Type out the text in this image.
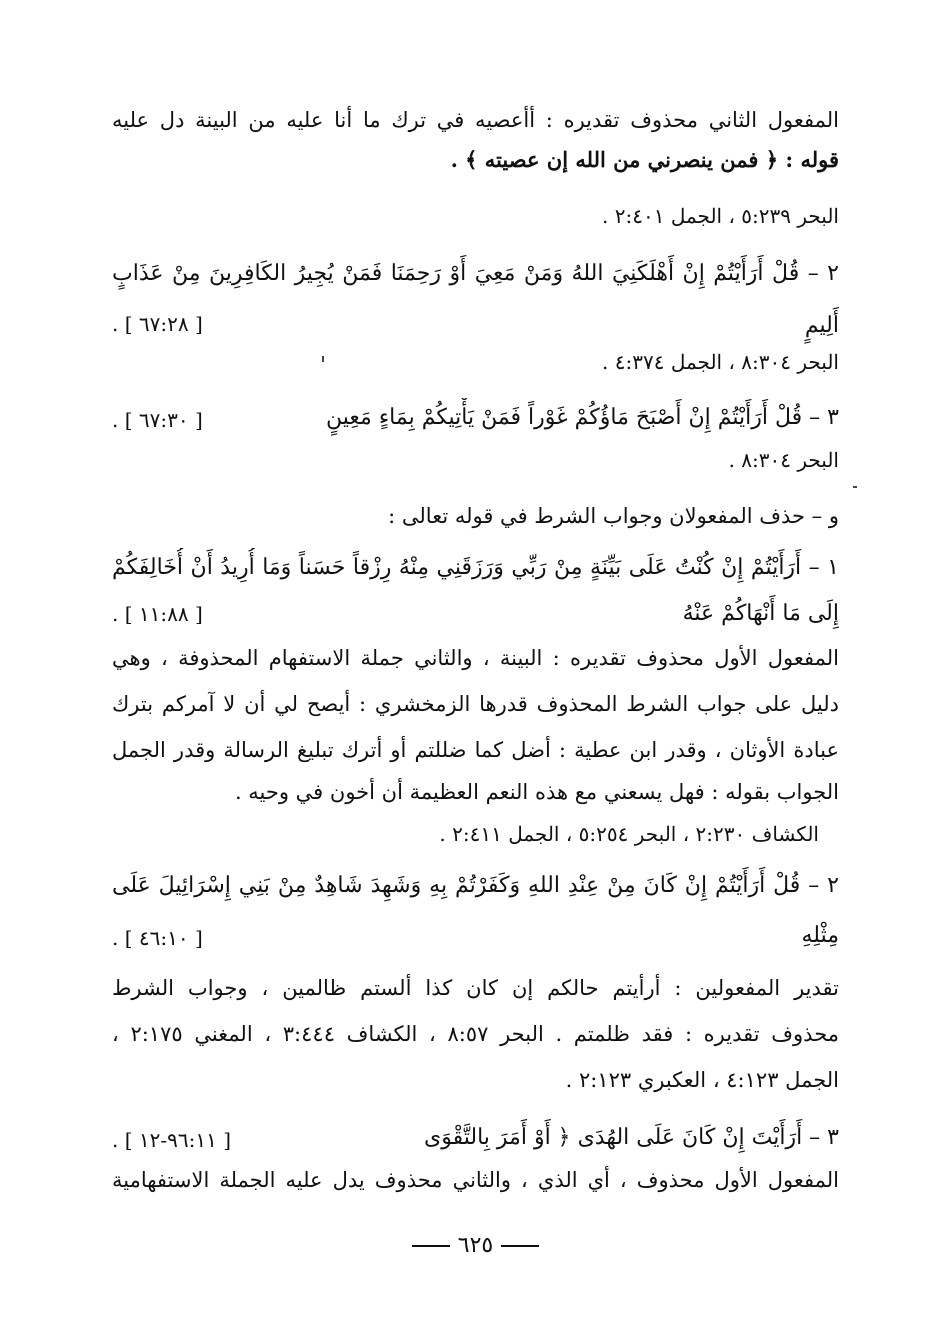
المفعول الثاني محذوف تقديره : أأعصيه في ترك ما أنا عليه من البينة دل عليه
قوله : ﴿ فمن ينصرني من الله إن عصيته ﴾ .
البحر ٥:٢٣٩ ، الجمل ٢:٤٠١ .
٢ – قُلْ أَرَأَيْتُمْ إِنْ أَهْلَكَنِيَ اللهُ وَمَنْ مَعِيَ أَوْ رَحِمَنَا فَمَنْ يُجِيرُ الكَافِرِينَ مِنْ عَذَابٍ
أَلِيمٍ
[ ٦٧:٢٨ ] .
البحر ٨:٣٠٤ ، الجمل ٤:٣٧٤ .
٣ – قُلْ أَرَأَيْتُمْ إِنْ أَصْبَحَ مَاؤُكُمْ غَوْراً فَمَنْ يَأْتِيكُمْ بِمَاءٍ مَعِينٍ
[ ٦٧:٣٠ ] .
البحر ٨:٣٠٤ .
و – حذف المفعولان وجواب الشرط في قوله تعالى :
١ – أَرَأَيْتُمْ إِنْ كُنْتُ عَلَى بَيِّنَةٍ مِنْ رَبِّي وَرَزَقَنِي مِنْهُ رِزْقاً حَسَناً وَمَا أُرِيدُ أَنْ أُخَالِفَكُمْ
إِلَى مَا أَنْهَاكُمْ عَنْهُ
[ ١١:٨٨ ] .
المفعول الأول محذوف تقديره : البينة ، والثاني جملة الاستفهام المحذوفة ، وهي
دليل على جواب الشرط المحذوف قدرها الزمخشري : أيصح لي أن لا آمركم بترك
عبادة الأوثان ، وقدر ابن عطية : أضل كما ضللتم أو أترك تبليغ الرسالة وقدر الجمل
الجواب بقوله : فهل يسعني مع هذه النعم العظيمة أن أخون في وحيه .
الكشاف ٢:٢٣٠ ، البحر ٥:٢٥٤ ، الجمل ٢:٤١١ .
٢ – قُلْ أَرَأَيْتُمْ إِنْ كَانَ مِنْ عِنْدِ اللهِ وَكَفَرْتُمْ بِهِ وَشَهِدَ شَاهِدٌ مِنْ بَنِي إِسْرَائِيلَ عَلَى
مِثْلِهِ
[ ٤٦:١٠ ] .
تقدير المفعولين : أرأيتم حالكم إن كان كذا ألستم ظالمين ، وجواب الشرط
محذوف تقديره : فقد ظلمتم . البحر ٨:٥٧ ، الكشاف ٣:٤٤٤ ، المغني ٢:١٧٥ ،
الجمل ٤:١٢٣ ، العكبري ٢:١٢٣ .
٣ – أَرَأَيْتَ إِنْ كَانَ عَلَى الهُدَى ﴿ أَوْ أَمَرَ بِالتَّقْوَى
[ ٩٦:١١-١٢ ] .
المفعول الأول محذوف ، أي الذي ، والثاني محذوف يدل عليه الجملة الاستفهامية
٦٢٥
